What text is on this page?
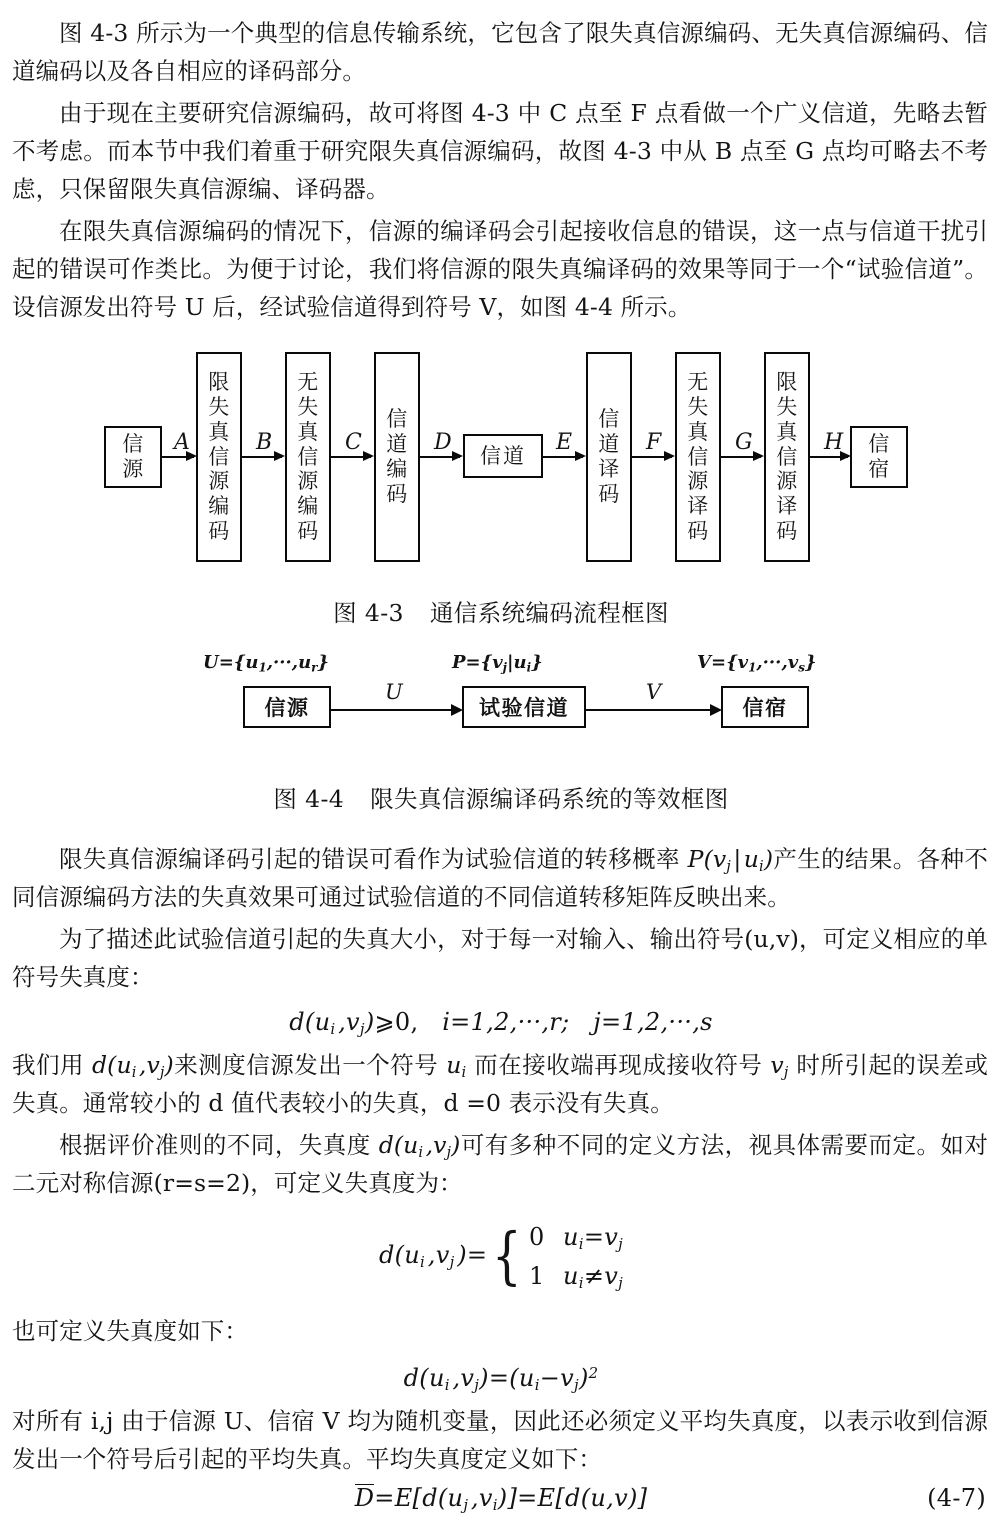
图 4-3 所示为一个典型的信息传输系统，它包含了限失真信源编码、无失真信源编码、信道编码以及各自相应的译码部分。

由于现在主要研究信源编码，故可将图 4-3 中 C 点至 F 点看做一个广义信道，先略去暂不考虑。而本节中我们着重于研究限失真信源编码，故图 4-3 中从 B 点至 G 点均可略去不考虑，只保留限失真信源编、译码器。

在限失真信源编码的情况下，信源的编译码会引起接收信息的错误，这一点与信道干扰引起的错误可作类比。为便于讨论，我们将信源的限失真编译码的效果等同于一个“试验信道”。设信源发出符号 U 后，经试验信道得到符号 V，如图 4-4 所示。

信
源
A
限
失
真
信
源
编
码
B
无
失
真
信
源
编
码
C
信
道
编
码
D
信道
E
信
道
译
码
F
无
失
真
信
源
译
码
G
限
失
真
信
源
译
码
H 信
宿
图 4-3 通信系统编码流程框图
$U=\{u_1,\cdot\cdot\cdot,u_r\}$
信源
U
$P=\{v_j|u_i\}$
试验信道
V
$V=\{v_1,\cdot\cdot\cdot,v_s\}$
信宿
图 4-4 限失真信源编译码系统的等效框图

限失真信源编译码引起的错误可看作为试验信道的转移概率 $P(v_j$ | $u_i$)产生的结果。各种不同信源编码方法的失真效果可通过试验信道的不同信道转移矩阵反映出来。

为了描述此试验信道引起的失真大小，对于每一对输入、输出符号(u,v)，可定义相应的单符号失真度：

$d(u_i$ $,v_j)⩾0$, i=1,2,···,r; j=1,2,···,s

我们用 $d(u_i$ $,v_j$)来测度信源发出一个符号 $u_i$ 而在接收端再现成接收符号 $v_j$ 时所引起的误差或失真。通常较小的 d 值代表较小的失真，d =0 表示没有失真。

根据评价准则的不同，失真度 $d(u_i$ $,v_j$)可有多种不同的定义方法，视具体需要而定。如对二元对称信源(r=s=2)，可定义失真度为：

$d(u_i$ $,v_j$ )= { 0 $u_i=v_j$
1 $u_i\ne v_j$

也可定义失真度如下：

$d(u_i$ $,v_j)=(u_i-v_j)^2$

对所有 i,j 由于信源 U、信宿 V 均为随机变量，因此还必须定义平均失真度，以表示收到信源发出一个符号后引起的平均失真。平均失真度定义如下：

$D=E[d(u_j$ $,v_i)]=E[d(u,v)]$	(4-7)
